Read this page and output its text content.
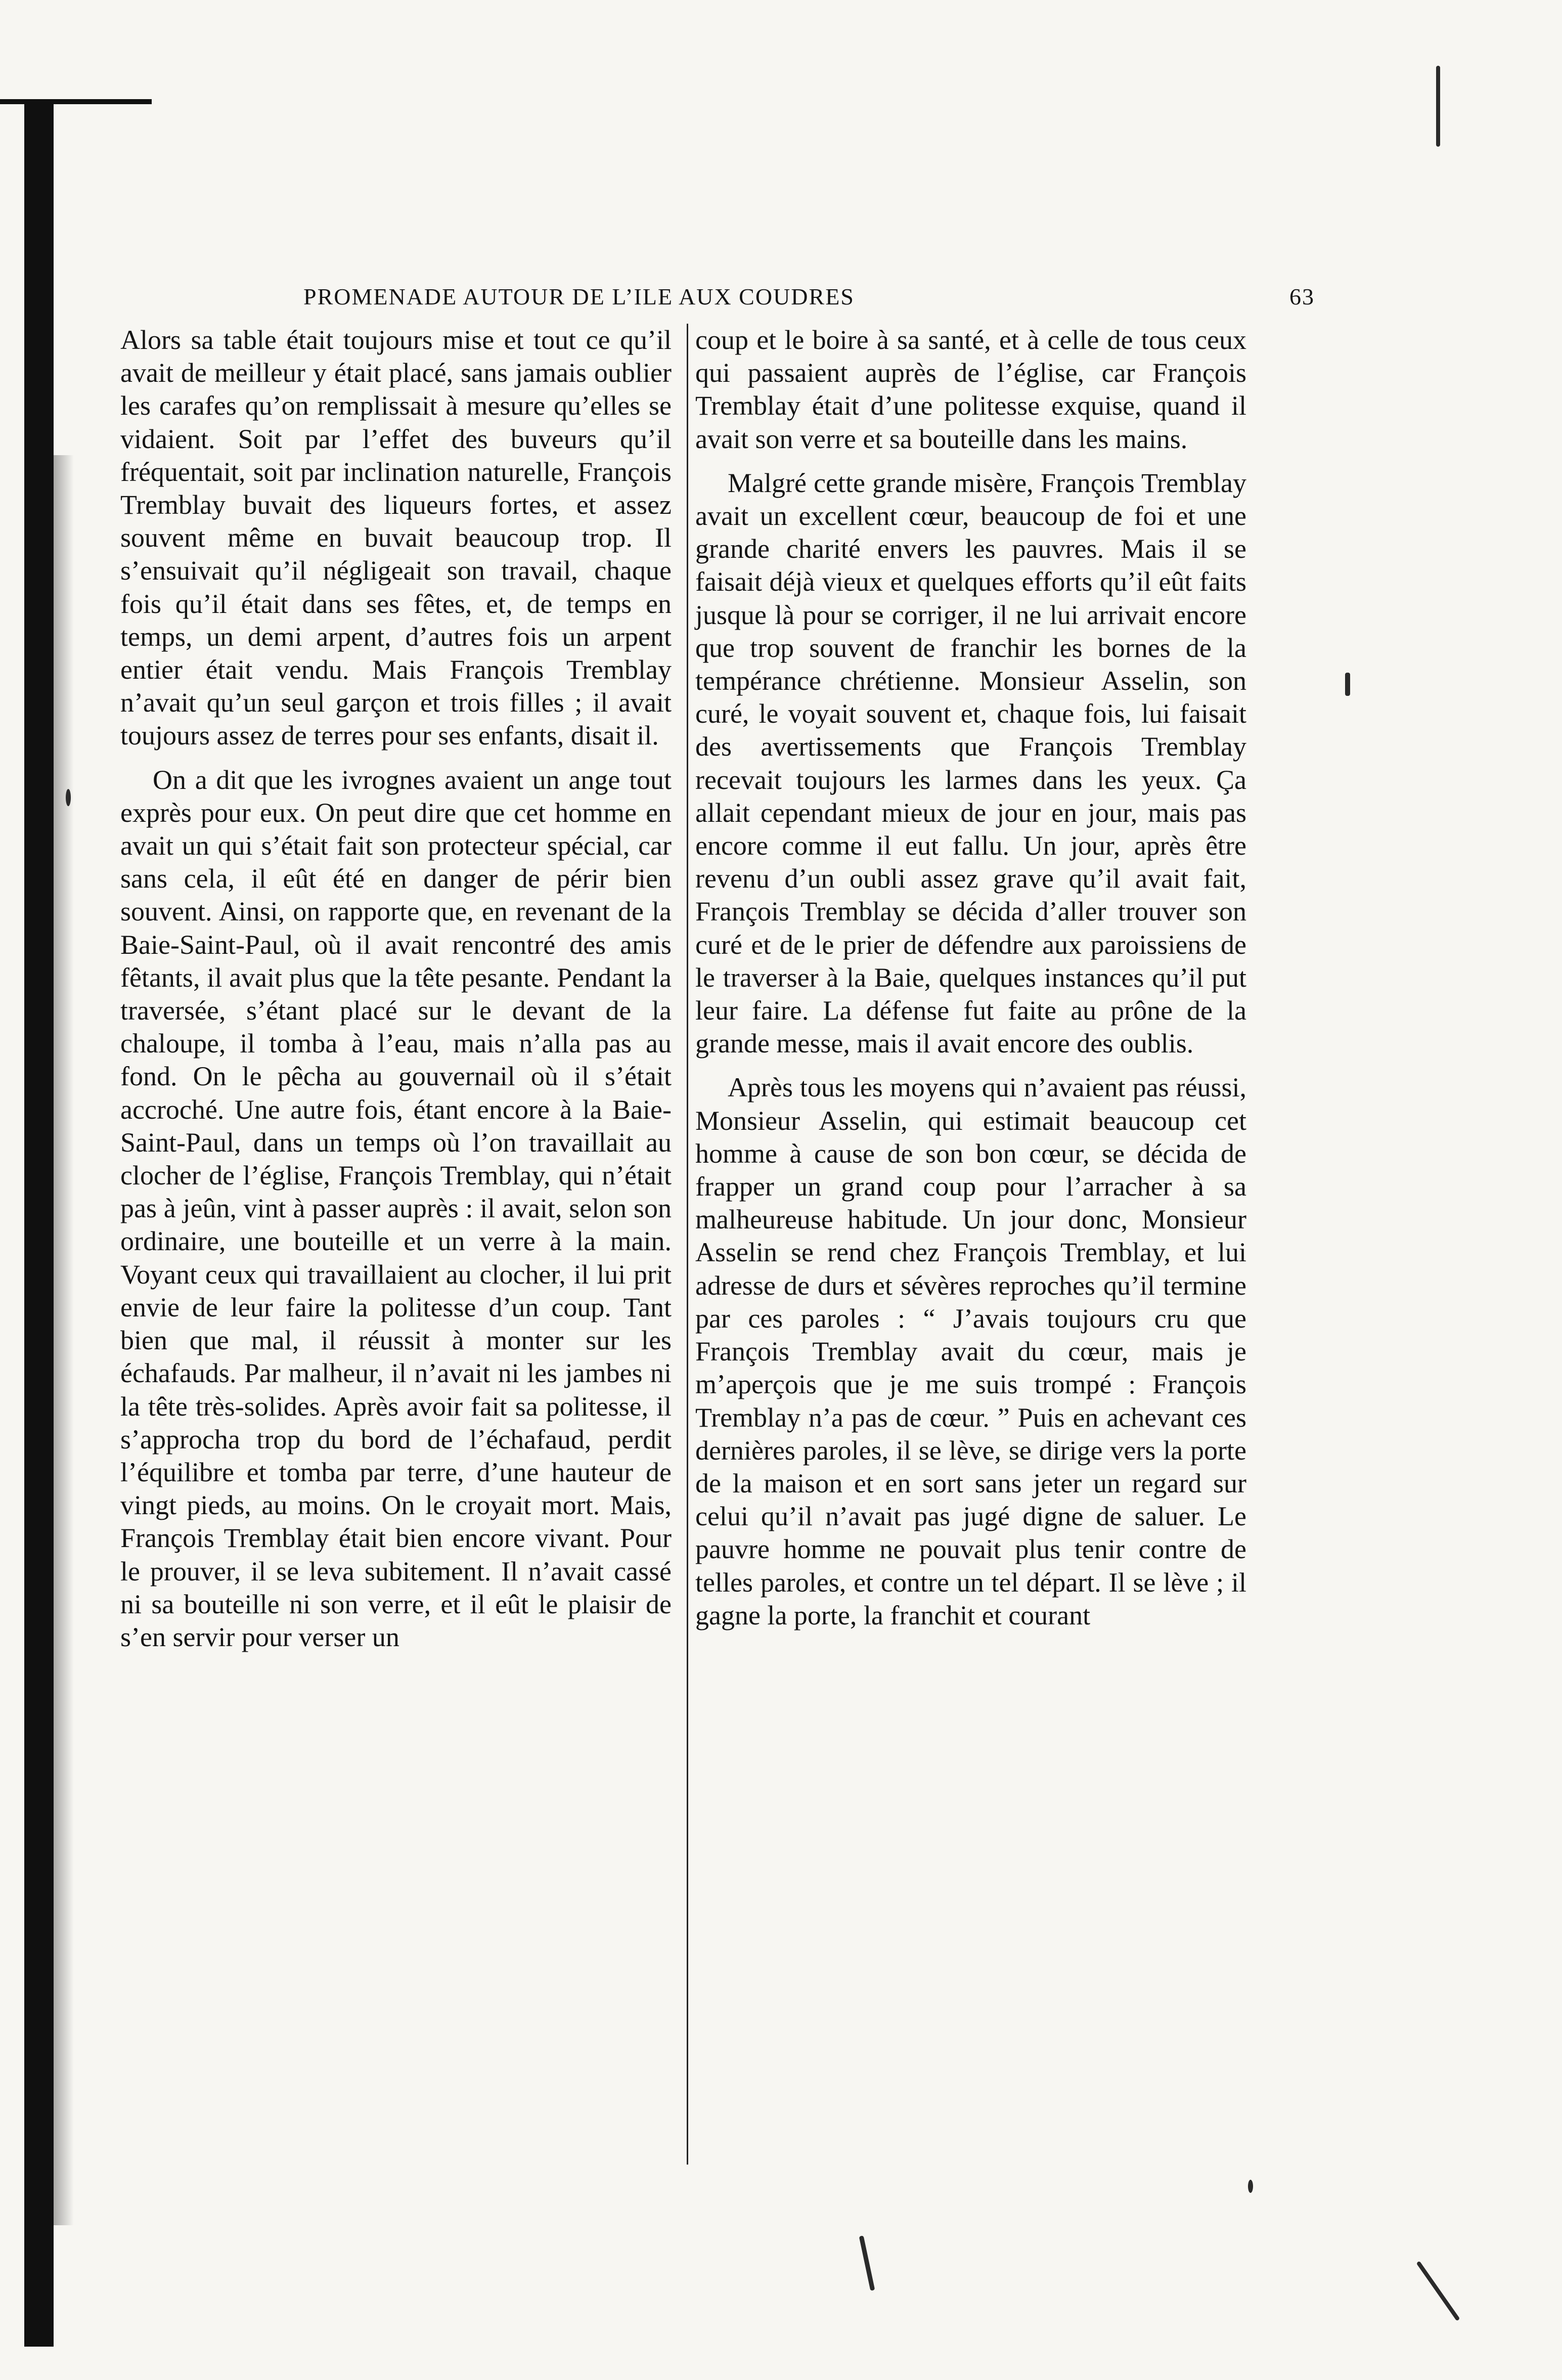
PROMENADE AUTOUR DE L’ILE AUX COUDRES	63

Alors sa table était toujours mise et tout ce qu’il avait de meilleur y était placé, sans jamais oublier les carafes qu’on remplissait à mesure qu’elles se vidaient. Soit par l’effet des buveurs qu’il fréquentait, soit par inclination naturelle, François Tremblay buvait des liqueurs fortes, et assez souvent même en buvait beaucoup trop. Il s’ensuivait qu’il négligeait son travail, chaque fois qu’il était dans ses fêtes, et, de temps en temps, un demi arpent, d’autres fois un arpent entier était vendu. Mais François Tremblay n’avait qu’un seul garçon et trois filles ; il avait toujours assez de terres pour ses enfants, disait il.

On a dit que les ivrognes avaient un ange tout exprès pour eux. On peut dire que cet homme en avait un qui s’était fait son protecteur spécial, car sans cela, il eût été en danger de périr bien souvent. Ainsi, on rapporte que, en revenant de la Baie-Saint-Paul, où il avait rencontré des amis fêtants, il avait plus que la tête pesante. Pendant la traversée, s’étant placé sur le devant de la chaloupe, il tomba à l’eau, mais n’alla pas au fond. On le pêcha au gouvernail où il s’était accroché. Une autre fois, étant encore à la Baie-Saint-Paul, dans un temps où l’on travaillait au clocher de l’église, François Tremblay, qui n’était pas à jeûn, vint à passer auprès : il avait, selon son ordinaire, une bouteille et un verre à la main. Voyant ceux qui travaillaient au clocher, il lui prit envie de leur faire la politesse d’un coup. Tant bien que mal, il réussit à monter sur les échafauds. Par malheur, il n’avait ni les jambes ni la tête très-solides. Après avoir fait sa politesse, il s’approcha trop du bord de l’échafaud, perdit l’équilibre et tomba par terre, d’une hauteur de vingt pieds, au moins. On le croyait mort. Mais, François Tremblay était bien encore vivant. Pour le prouver, il se leva subitement. Il n’avait cassé ni sa bouteille ni son verre, et il eût le plaisir de s’en servir pour verser un

coup et le boire à sa santé, et à celle de tous ceux qui passaient auprès de l’église, car François Tremblay était d’une politesse exquise, quand il avait son verre et sa bouteille dans les mains.

Malgré cette grande misère, François Tremblay avait un excellent cœur, beaucoup de foi et une grande charité envers les pauvres. Mais il se faisait déjà vieux et quelques efforts qu’il eût faits jusque là pour se corriger, il ne lui arrivait encore que trop souvent de franchir les bornes de la tempérance chrétienne. Monsieur Asselin, son curé, le voyait souvent et, chaque fois, lui faisait des avertissements que François Tremblay recevait toujours les larmes dans les yeux. Ça allait cependant mieux de jour en jour, mais pas encore comme il eut fallu. Un jour, après être revenu d’un oubli assez grave qu’il avait fait, François Tremblay se décida d’aller trouver son curé et de le prier de défendre aux paroissiens de le traverser à la Baie, quelques instances qu’il put leur faire. La défense fut faite au prône de la grande messe, mais il avait encore des oublis.

Après tous les moyens qui n’avaient pas réussi, Monsieur Asselin, qui estimait beaucoup cet homme à cause de son bon cœur, se décida de frapper un grand coup pour l’arracher à sa malheureuse habitude. Un jour donc, Monsieur Asselin se rend chez François Tremblay, et lui adresse de durs et sévères reproches qu’il termine par ces paroles : “ J’avais toujours cru que François Tremblay avait du cœur, mais je m’aperçois que je me suis trompé : François Tremblay n’a pas de cœur. ” Puis en achevant ces dernières paroles, il se lève, se dirige vers la porte de la maison et en sort sans jeter un regard sur celui qu’il n’avait pas jugé digne de saluer. Le pauvre homme ne pouvait plus tenir contre de telles paroles, et contre un tel départ. Il se lève ; il gagne la porte, la franchit et courant
